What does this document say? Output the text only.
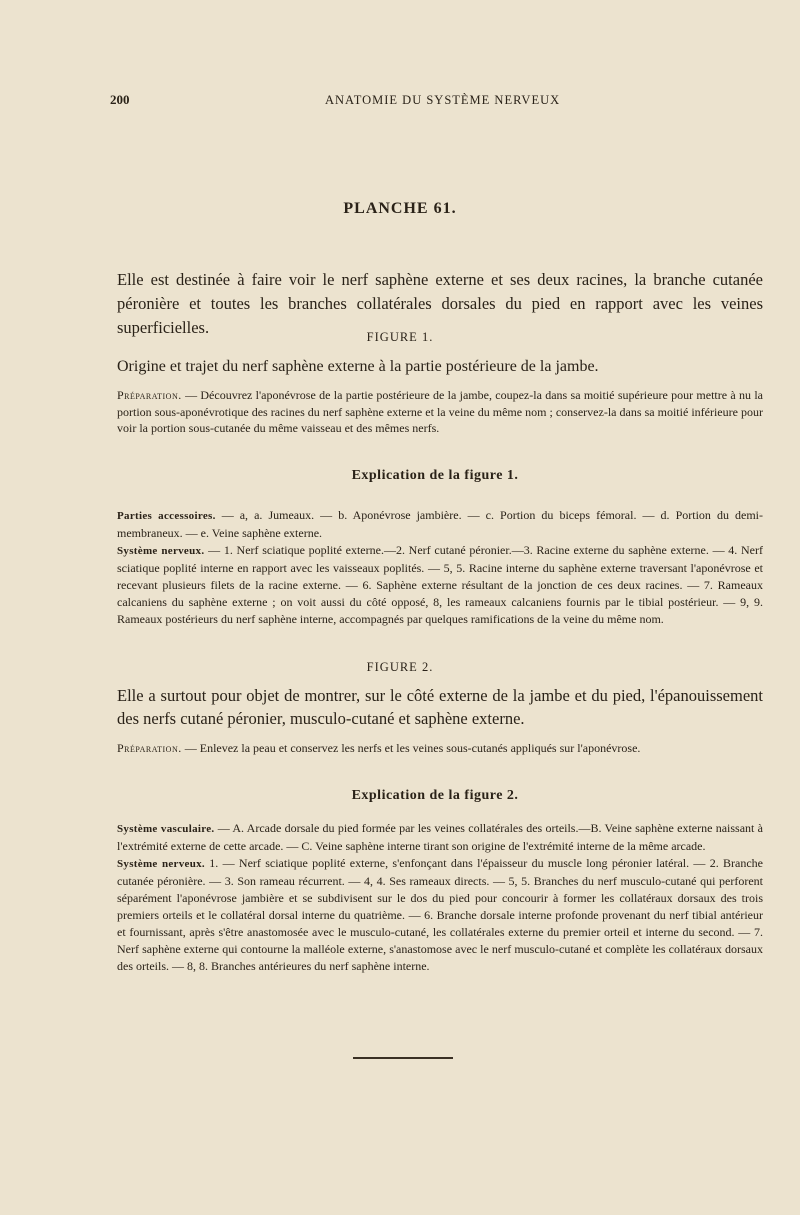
200	ANATOMIE DU SYSTÈME NERVEUX
PLANCHE 61.

Elle est destinée à faire voir le nerf saphène externe et ses deux racines, la branche cutanée péronière et toutes les branches collatérales dorsales du pied en rapport avec les veines superficielles.	FIGURE 1.

Origine et trajet du nerf saphène externe à la partie postérieure de la jambe.

Préparation. — Découvrez l'aponévrose de la partie postérieure de la jambe, coupez-la dans sa moitié supérieure pour mettre à nu la portion sous-aponévrotique des racines du nerf saphène externe et la veine du même nom ; conservez-la dans sa moitié inférieure pour voir la portion sous-cutanée du même vaisseau et des mêmes nerfs.

Explication de la figure 1.

Parties accessoires. — a, a. Jumeaux. — b. Aponévrose jambière. — c. Portion du biceps fémoral. — d. Portion du demi-membraneux. — e. Veine saphène externe.

Système nerveux. — 1. Nerf sciatique poplité externe.—2. Nerf cutané péronier.—3. Racine externe du saphène externe. — 4. Nerf sciatique poplité interne en rapport avec les vaisseaux poplités. — 5, 5. Racine interne du saphène externe traversant l'aponévrose et recevant plusieurs filets de la racine externe. — 6. Saphène externe résultant de la jonction de ces deux racines. — 7. Rameaux calcaniens du saphène externe ; on voit aussi du côté opposé, 8, les rameaux calcaniens fournis par le tibial postérieur. — 9, 9. Rameaux postérieurs du nerf saphène interne, accompagnés par quelques ramifications de la veine du même nom.

FIGURE 2.

Elle a surtout pour objet de montrer, sur le côté externe de la jambe et du pied, l'épanouissement des nerfs cutané péronier, musculo-cutané et saphène externe.

Préparation. — Enlevez la peau et conservez les nerfs et les veines sous-cutanés appliqués sur l'aponévrose.

Explication de la figure 2.

Système vasculaire. — A. Arcade dorsale du pied formée par les veines collatérales des orteils.—B. Veine saphène externe naissant à l'extrémité externe de cette arcade. — C. Veine saphène interne tirant son origine de l'extrémité interne de la même arcade.

Système nerveux. 1. — Nerf sciatique poplité externe, s'enfonçant dans l'épaisseur du muscle long péronier latéral. — 2. Branche cutanée péronière. — 3. Son rameau récurrent. — 4, 4. Ses rameaux directs. — 5, 5. Branches du nerf musculo-cutané qui perforent séparément l'aponévrose jambière et se subdivisent sur le dos du pied pour concourir à former les collatéraux dorsaux des trois premiers orteils et le collatéral dorsal interne du quatrième. — 6. Branche dorsale interne profonde provenant du nerf tibial antérieur et fournissant, après s'être anastomosée avec le musculo-cutané, les collatérales externe du premier orteil et interne du second. — 7. Nerf saphène externe qui contourne la malléole externe, s'anastomose avec le nerf musculo-cutané et complète les collatéraux dorsaux des orteils. — 8, 8. Branches antérieures du nerf saphène interne.
